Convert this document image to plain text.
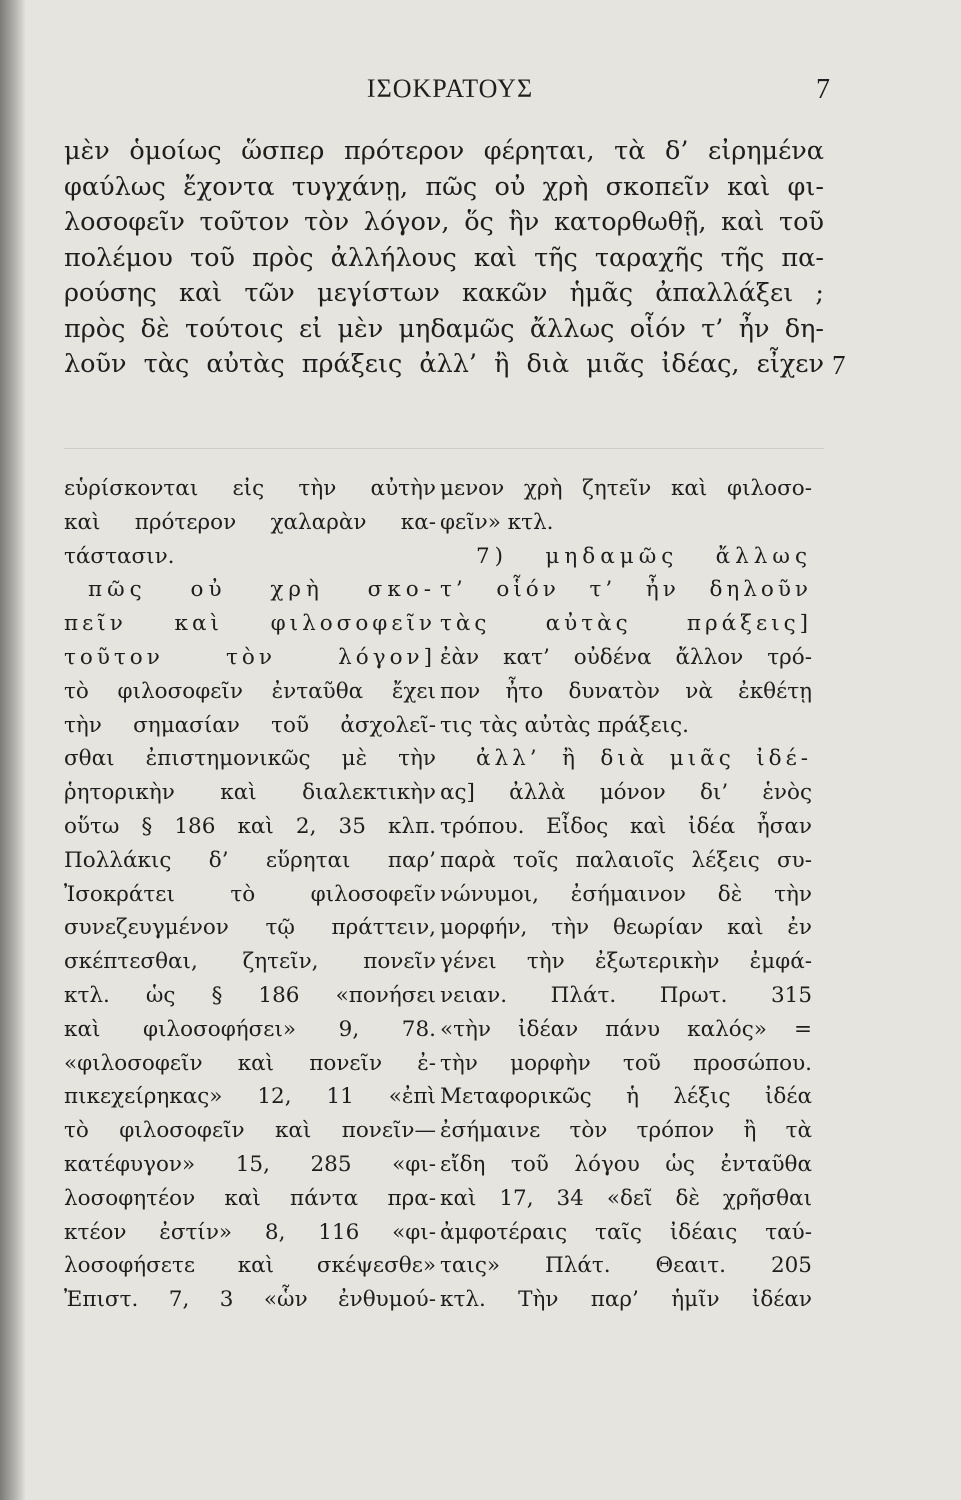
ΙΣΟΚΡΑΤΟΥΣ	7
μὲν ὁμοίως ὥσπερ πρότερον φέρηται, τὰ δ’ εἰρημένα
φαύλως ἔχοντα τυγχάνῃ, πῶς οὐ χρὴ σκοπεῖν καὶ φι-
λοσοφεῖν τοῦτον τὸν λόγον, ὅς ἣν κατορθωθῇ, καὶ τοῦ
πολέμου τοῦ πρὸς ἀλλήλους καὶ τῆς ταραχῆς τῆς πα-
ρούσης καὶ τῶν μεγίστων κακῶν ἡμᾶς ἀπαλλάξει ;
πρὸς δὲ τούτοις εἰ μὲν μηδαμῶς ἄλλως οἷόν τ’ ἦν δη-
λοῦν τὰς αὐτὰς πράξεις ἀλλ’ ἢ διὰ μιᾶς ἰδέας, εἶχεν 7
εὑρίσκονται εἰς τὴν αὐτὴν
καὶ πρότερον χαλαρὰν κα-
τάστασιν.
πῶς οὐ χρὴ σκο-
πεῖν καὶ φιλοσοφεῖν
τοῦτον τὸν λόγον]
τὸ φιλοσοφεῖν ἐνταῦθα ἔχει
τὴν σημασίαν τοῦ ἀσχολεῖ-
σθαι ἐπιστημονικῶς μὲ τὴν
ῥητορικὴν καὶ διαλεκτικὴν
οὕτω § 186 καὶ 2, 35 κλπ.
Πολλάκις δ’ εὕρηται παρ’
Ἰσοκράτει τὸ φιλοσοφεῖν
συνεζευγμένον τῷ πράττειν,
σκέπτεσθαι, ζητεῖν, πονεῖν
κτλ. ὡς § 186 «πονήσει
καὶ φιλοσοφήσει» 9, 78.
«φιλοσοφεῖν καὶ πονεῖν ἐ-
πικεχείρηκας» 12, 11 «ἐπὶ
τὸ φιλοσοφεῖν καὶ πονεῖν—
κατέφυγον» 15, 285 «φι-
λοσοφητέον καὶ πάντα πρα-
κτέον ἐστίν» 8, 116 «φι-
λοσοφήσετε καὶ σκέψεσθε»
Ἐπιστ. 7, 3 «ὧν ἐνθυμού-
μενον χρὴ ζητεῖν καὶ φιλοσο-
φεῖν» κτλ.
7) μηδαμῶς ἄλλως
τ’ οἷόν τ’ ἦν δηλοῦν
τὰς αὐτὰς πράξεις]
ἐὰν κατ’ οὐδένα ἄλλον τρό-
πον ἦτο δυνατὸν νὰ ἐκθέτῃ
τις τὰς αὐτὰς πράξεις.
ἀλλ’ ἢ διὰ μιᾶς ἰδέ-
ας] ἀλλὰ μόνον δι’ ἑνὸς
τρόπου. Εἶδος καὶ ἰδέα ἦσαν
παρὰ τοῖς παλαιοῖς λέξεις συ-
νώνυμοι, ἐσήμαινον δὲ τὴν
μορφήν, τὴν θεωρίαν καὶ ἐν
γένει τὴν ἐξωτερικὴν ἐμφά-
νειαν. Πλάτ. Πρωτ. 315
«τὴν ἰδέαν πάνυ καλός» =
τὴν μορφὴν τοῦ προσώπου.
Μεταφορικῶς ἡ λέξις ἰδέα
ἐσήμαινε τὸν τρόπον ἢ τὰ
εἴδη τοῦ λόγου ὡς ἐνταῦθα
καὶ 17, 34 «δεῖ δὲ χρῆσθαι
ἀμφοτέραις ταῖς ἰδέαις ταύ-
ταις» Πλάτ. Θεαιτ. 205
κτλ. Τὴν παρ’ ἡμῖν ἰδέαν
